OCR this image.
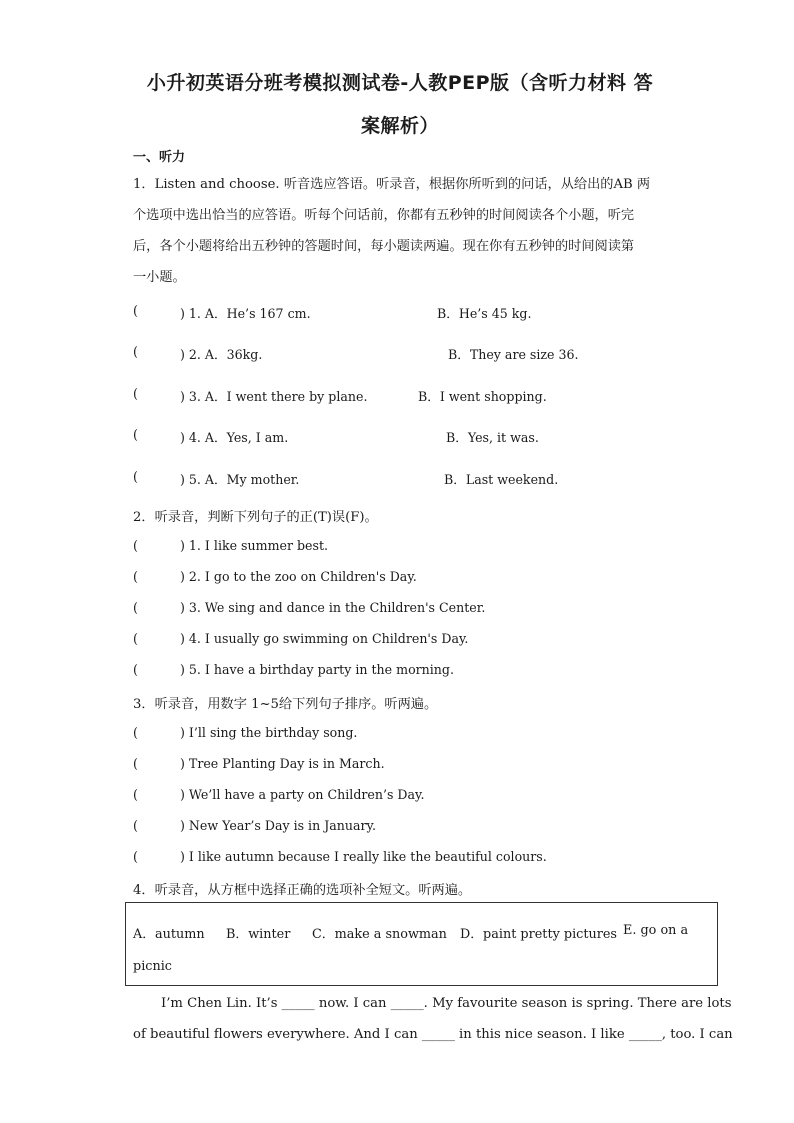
小升初英语分班考模拟测试卷-人教PEP版（含听力材料 答
案解析）
一、听力
1．Listen and choose. 听音选应答语。听录音，根据你所听到的问话，从给出的AB 两
个选项中选出恰当的应答语。听每个问话前，你都有五秒钟的时间阅读各个小题，听完
后，各个小题将给出五秒钟的答题时间，每小题读两遍。现在你有五秒钟的时间阅读第
一小题。
(	) 1. A．He’s 167 cm.	B．He’s 45 kg.
(	) 2. A．36kg.	B．They are size 36.
(	) 3. A．I went there by plane.	B．I went shopping.
(	) 4. A．Yes, I am.	B．Yes, it was.
(	) 5. A．My mother.	B．Last weekend.
2．听录音，判断下列句子的正(T)误(F)。
(	) 1. I like summer best.
(	) 2. I go to the zoo on Children's Day.
(	) 3. We sing and dance in the Children's Center.
(	) 4. I usually go swimming on Children's Day.
(	) 5. I have a birthday party in the morning.
3．听录音，用数字 1~5给下列句子排序。听两遍。
(	) I’ll sing the birthday song.
(	) Tree Planting Day is in March.
(	) We’ll have a party on Children’s Day.
(	) New Year’s Day is in January.
(	) I like autumn because I really like the beautiful colours.
4．听录音，从方框中选择正确的选项补全短文。听两遍。
A．autumn B．winter C．make a snowman D．paint pretty pictures E. go on a
picnic
I’m Chen Lin. It’s _____ now. I can _____. My favourite season is spring. There are lots
of beautiful flowers everywhere. And I can _____ in this nice season. I like _____, too. I can
